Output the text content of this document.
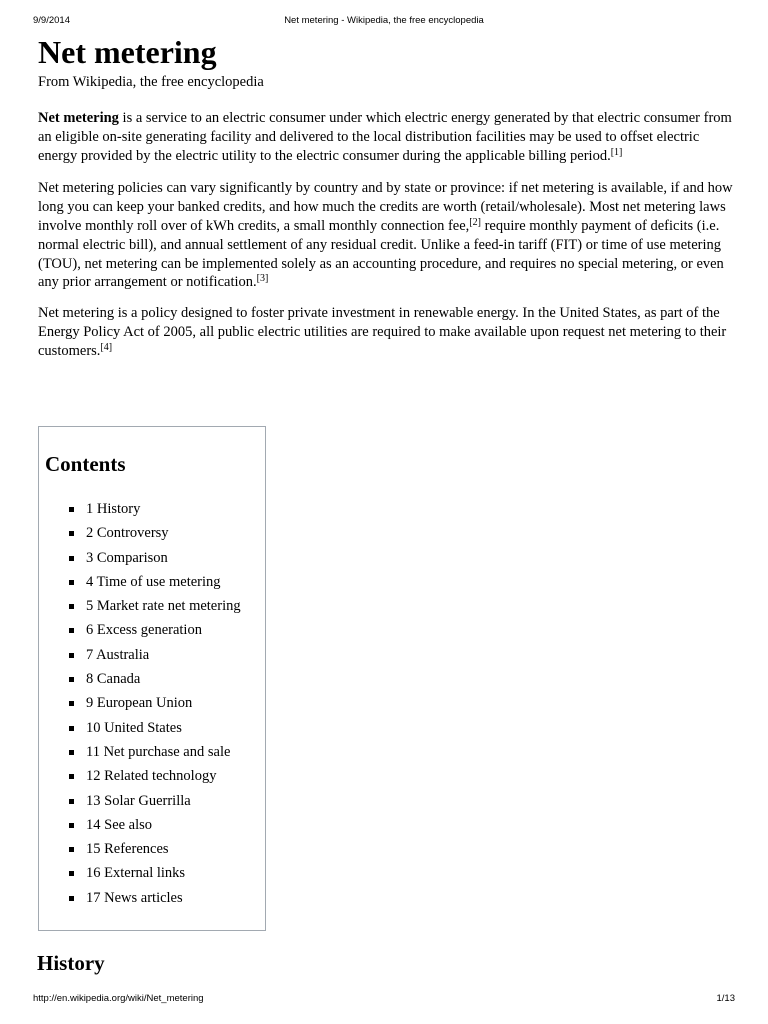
9/9/2014	Net metering - Wikipedia, the free encyclopedia
Net metering

From Wikipedia, the free encyclopedia

Net metering is a service to an electric consumer under which electric energy generated by that electric consumer from an eligible on-site generating facility and delivered to the local distribution facilities may be used to offset electric energy provided by the electric utility to the electric consumer during the applicable billing period.[1]

Net metering policies can vary significantly by country and by state or province: if net metering is available, if and how long you can keep your banked credits, and how much the credits are worth (retail/wholesale). Most net metering laws involve monthly roll over of kWh credits, a small monthly connection fee,[2] require monthly payment of deficits (i.e. normal electric bill), and annual settlement of any residual credit. Unlike a feed-in tariff (FIT) or time of use metering (TOU), net metering can be implemented solely as an accounting procedure, and requires no special metering, or even any prior arrangement or notification.[3]

Net metering is a policy designed to foster private investment in renewable energy. In the United States, as part of the Energy Policy Act of 2005, all public electric utilities are required to make available upon request net metering to their customers.[4]

Contents
1 History
2 Controversy
3 Comparison
4 Time of use metering
5 Market rate net metering
6 Excess generation
7 Australia
8 Canada
9 European Union
10 United States
11 Net purchase and sale
12 Related technology
13 Solar Guerrilla
14 See also
15 References
16 External links
17 News articles
History
http://en.wikipedia.org/wiki/Net_metering	1/13
